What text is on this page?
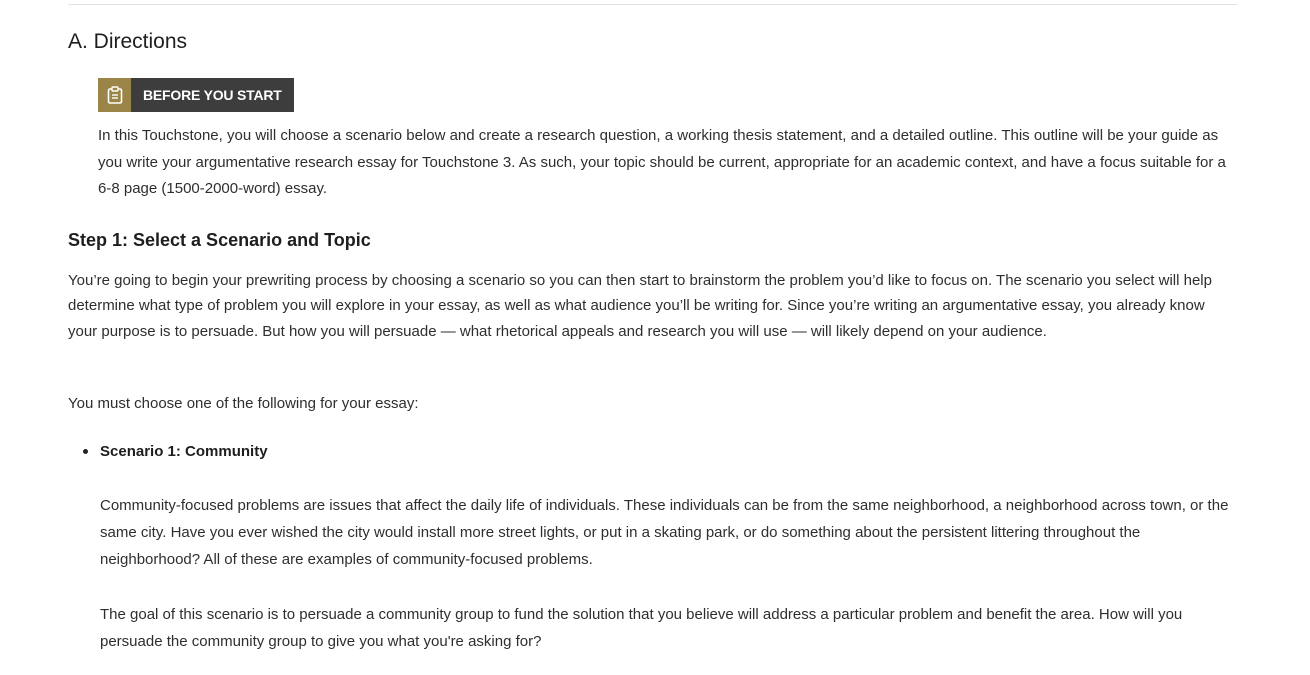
A. Directions
BEFORE YOU START

In this Touchstone, you will choose a scenario below and create a research question, a working thesis statement, and a detailed outline. This outline will be your guide as you write your argumentative research essay for Touchstone 3. As such, your topic should be current, appropriate for an academic context, and have a focus suitable for a 6-8 page (1500-2000-word) essay.

Step 1: Select a Scenario and Topic

You’re going to begin your prewriting process by choosing a scenario so you can then start to brainstorm the problem you’d like to focus on. The scenario you select will help determine what type of problem you will explore in your essay, as well as what audience you’ll be writing for. Since you’re writing an argumentative essay, you already know your purpose is to persuade. But how you will persuade — what rhetorical appeals and research you will use — will likely depend on your audience.

You must choose one of the following for your essay:

Scenario 1: Community

Community-focused problems are issues that affect the daily life of individuals. These individuals can be from the same neighborhood, a neighborhood across town, or the same city. Have you ever wished the city would install more street lights, or put in a skating park, or do something about the persistent littering throughout the neighborhood? All of these are examples of community-focused problems.

The goal of this scenario is to persuade a community group to fund the solution that you believe will address a particular problem and benefit the area. How will you persuade the community group to give you what you're asking for?
